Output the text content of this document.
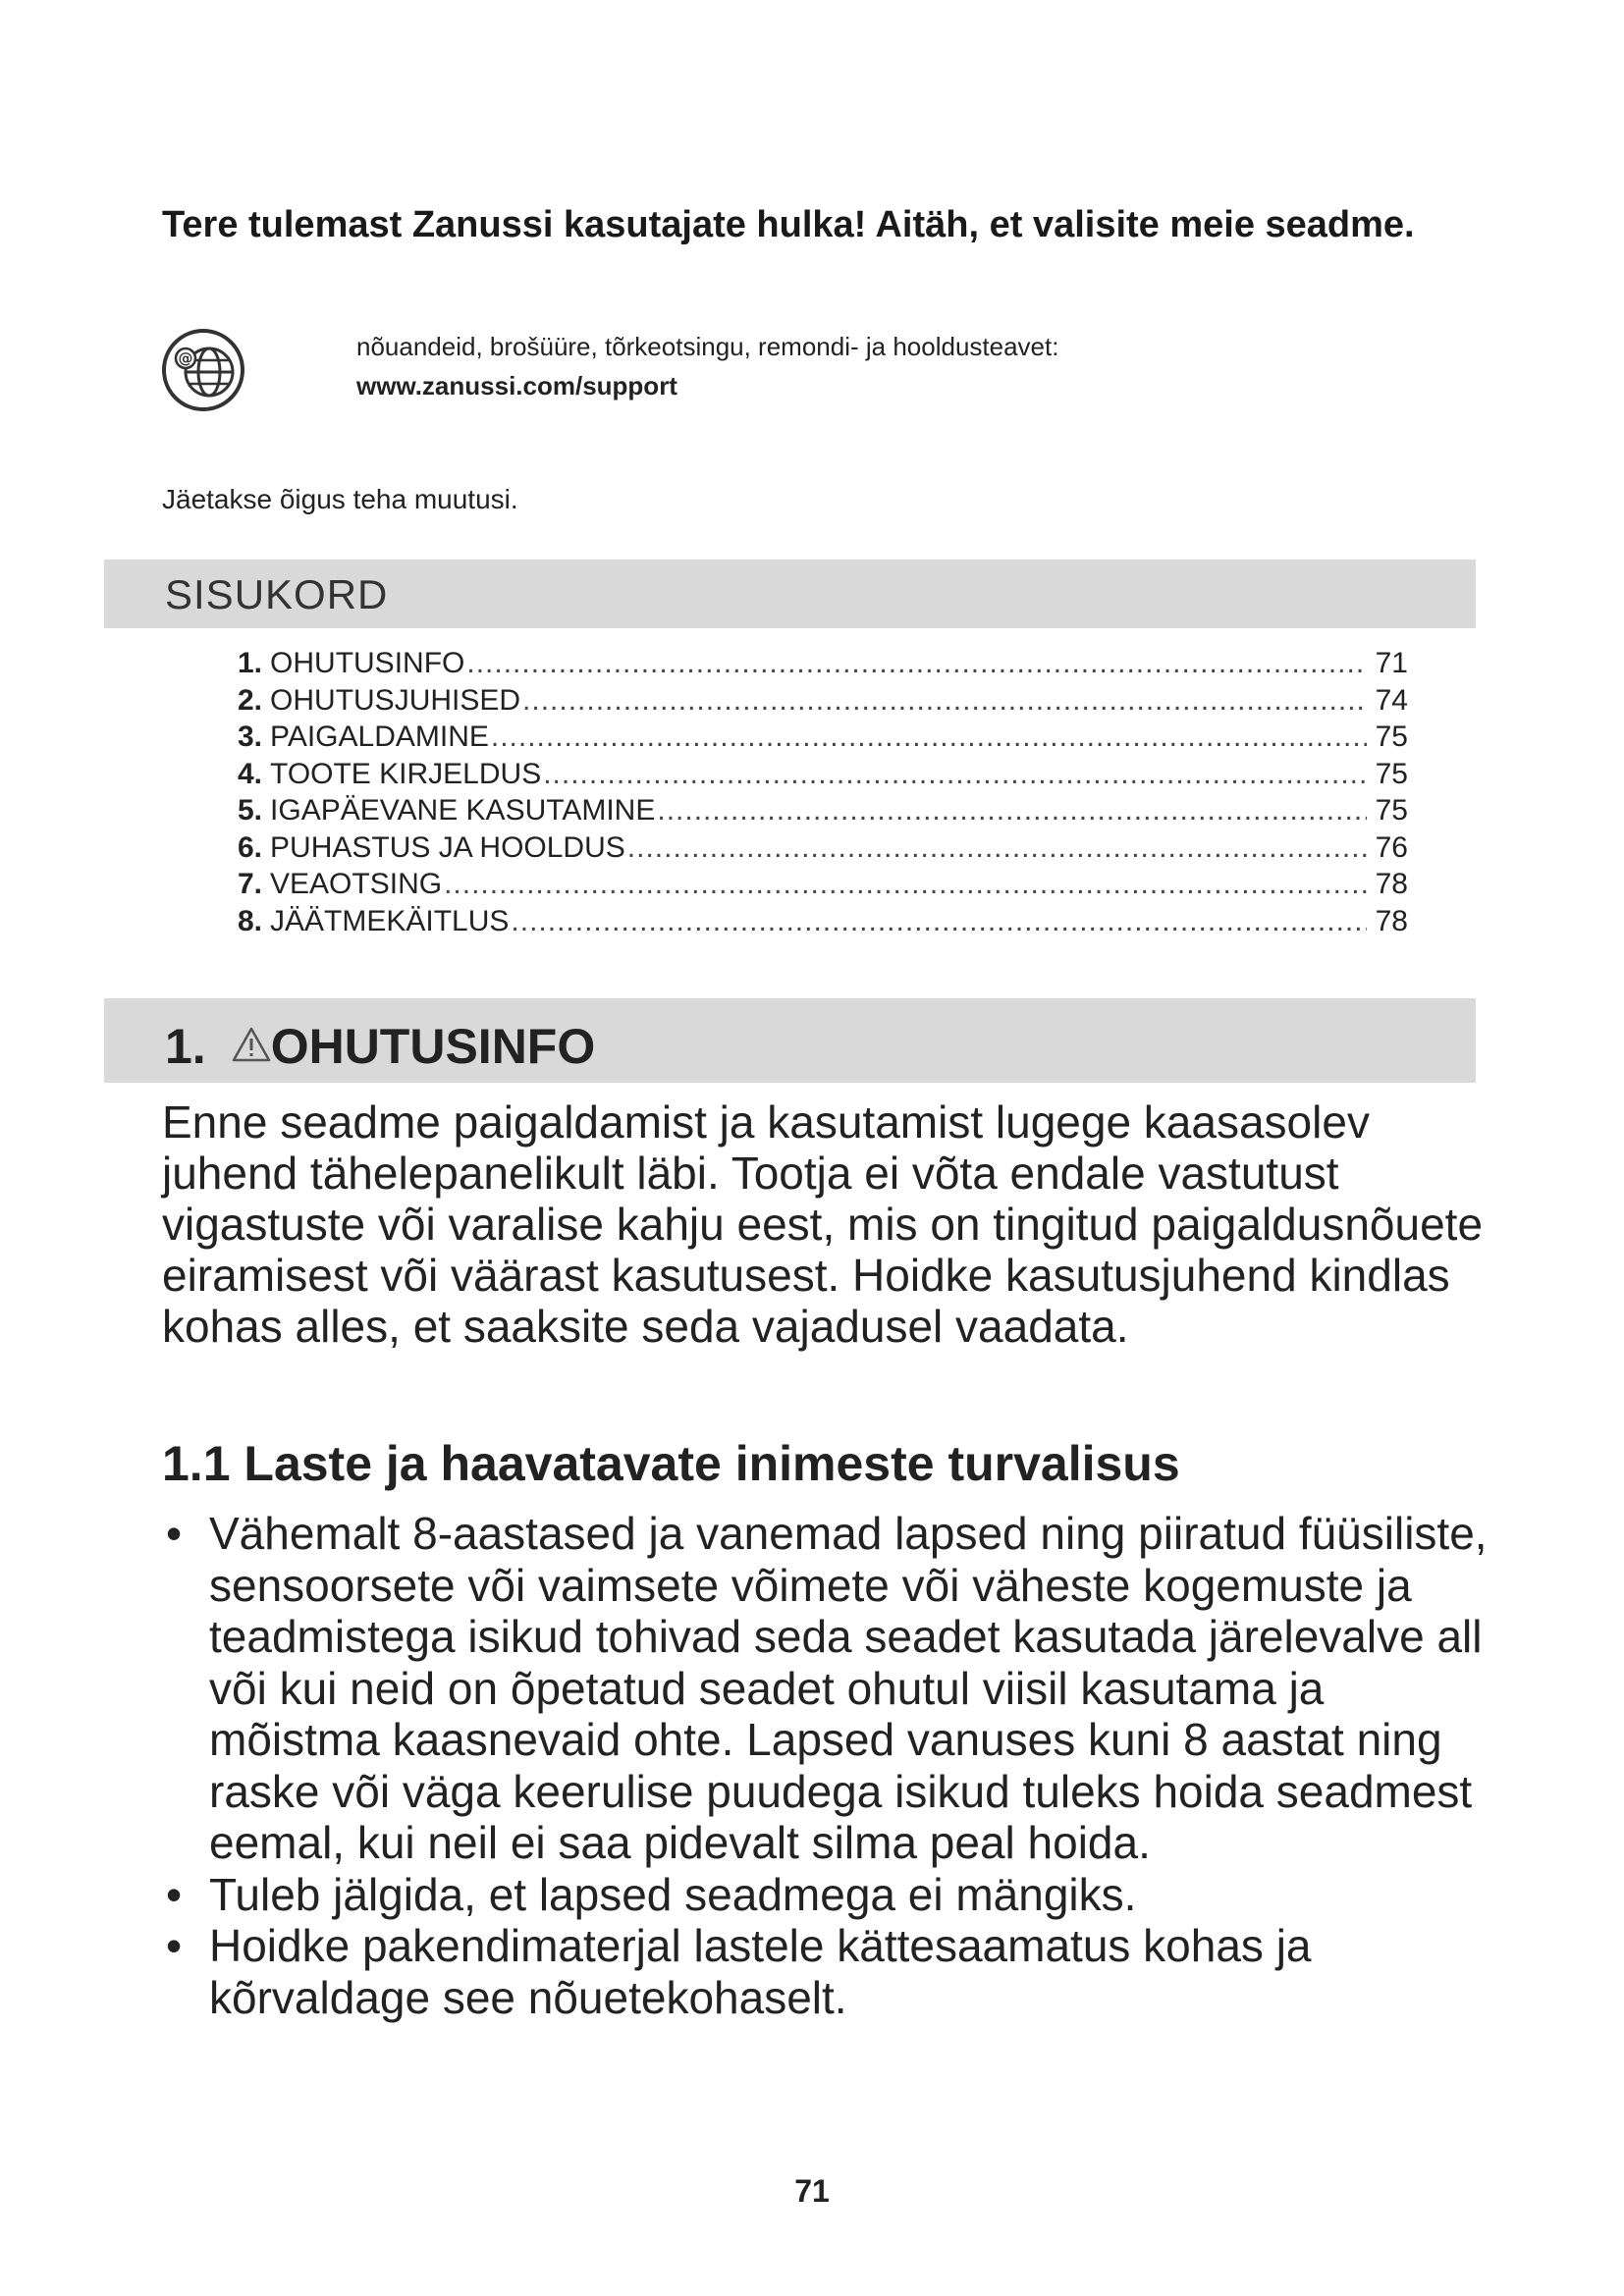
Tere tulemast Zanussi kasutajate hulka! Aitäh, et valisite meie seadme.
@	nõuandeid, brošüüre, tõrkeotsingu, remondi- ja hooldusteavet:
www.zanussi.com/support
Jäetakse õigus teha muutusi.
SISUKORD
1. OHUTUSINFO .....	71
2. OHUTUSJUHISED .....	74
3. PAIGALDAMINE .....	75
4. TOOTE KIRJELDUS .....	75
5. IGAPÄEVANE KASUTAMINE .....	75
6. PUHASTUS JA HOOLDUS .....	76
7. VEAOTSING .....	78
8. JÄÄTMEKÄITLUS .....	78
1. OHUTUSINFO
Enne seadme paigaldamist ja kasutamist lugege kaasasolev juhend tähelepanelikult läbi. Tootja ei võta endale vastutust vigastuste või varalise kahju eest, mis on tingitud paigaldusnõuete eiramisest või väärast kasutusest. Hoidke kasutusjuhend kindlas kohas alles, et saaksite seda vajadusel vaadata.
1.1 Laste ja haavatavate inimeste turvalisus
• Vähemalt 8-aastased ja vanemad lapsed ning piiratud füüsiliste, sensoorsete või vaimsete võimete või väheste kogemuste ja teadmistega isikud tohivad seda seadet kasutada järelevalve all või kui neid on õpetatud seadet ohutul viisil kasutama ja mõistma kaasnevaid ohte. Lapsed vanuses kuni 8 aastat ning raske või väga keerulise puudega isikud tuleks hoida seadmest eemal, kui neil ei saa pidevalt silma peal hoida.
• Tuleb jälgida, et lapsed seadmega ei mängiks.
• Hoidke pakendimaterjal lastele kättesaamatus kohas ja kõrvaldage see nõuetekohaselt.
71
